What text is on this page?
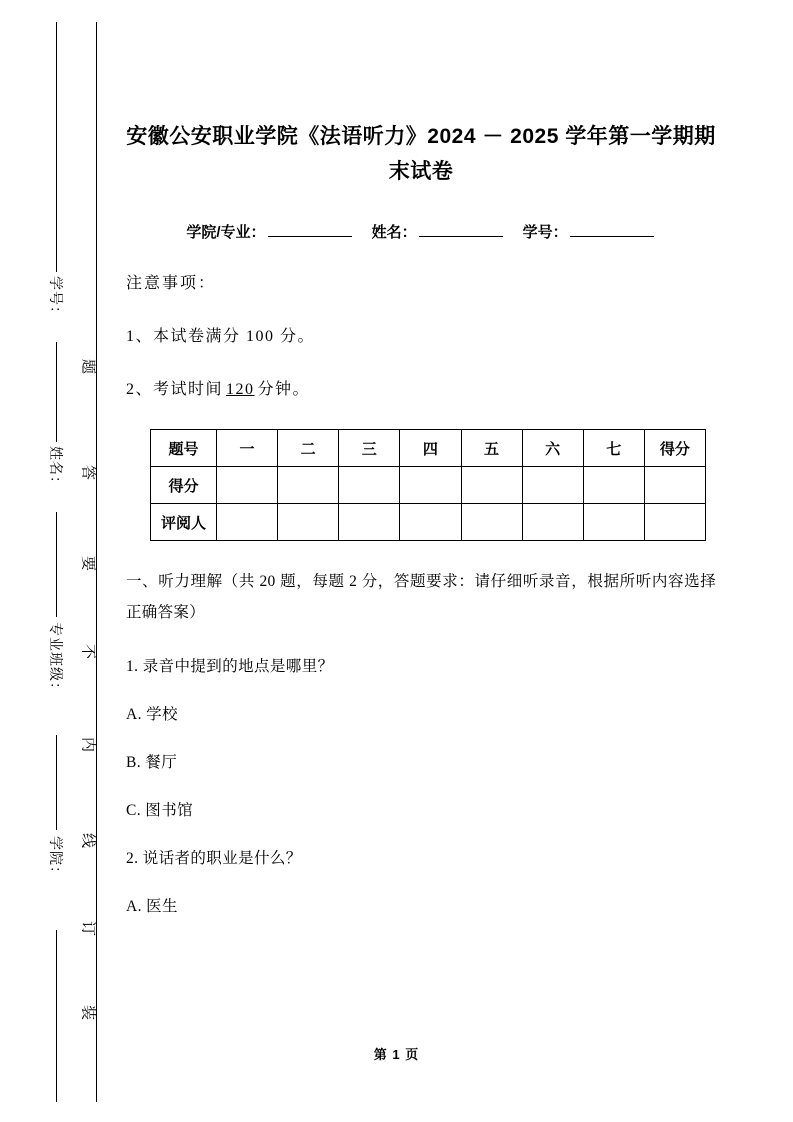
学号：
姓名：
专业班级：
学院：
题
答
要
不
内
线
订
装
安徽公安职业学院《法语听力》2024 － 2025 学年第一学期期末试卷
学院/专业：	姓名：	学号：
注意事项：
1、本试卷满分 100 分。
2、考试时间 120 分钟。
题号	一	二	三	四	五	六	七	得分
得分								
评阅人								
一、听力理解（共 20 题，每题 2 分，答题要求：请仔细听录音，根据所听内容选择正确答案）
1. 录音中提到的地点是哪里？
A. 学校
B. 餐厅
C. 图书馆
2. 说话者的职业是什么？
A. 医生
第 1 页
